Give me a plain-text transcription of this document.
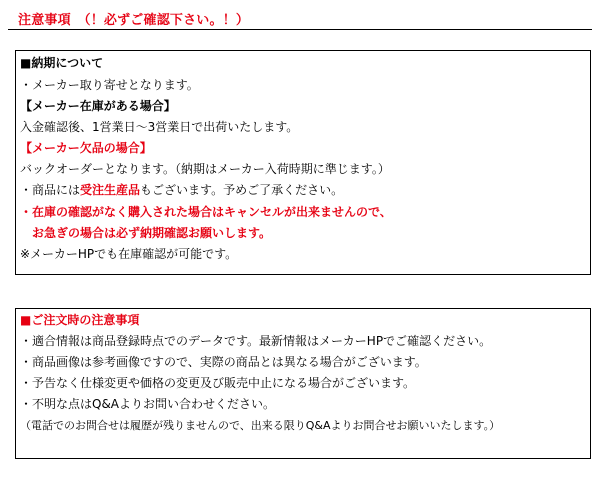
注意事項　（！必ずご確認下さい。！）
■納期について
・メーカー取り寄せとなります。
【メーカー在庫がある場合】
入金確認後、1営業日〜3営業日で出荷いたします。
【メーカー欠品の場合】
バックオーダーとなります。（納期はメーカー入荷時期に準じます。）
・商品には受注生産品もございます。予めご了承ください。
・在庫の確認がなく購入された場合はキャンセルが出来ませんので、
　お急ぎの場合は必ず納期確認お願いします。
※メーカーHPでも在庫確認が可能です。
■ご注文時の注意事項
・適合情報は商品登録時点でのデータです。最新情報はメーカーHPでご確認ください。
・商品画像は参考画像ですので、実際の商品とは異なる場合がございます。
・予告なく仕様変更や価格の変更及び販売中止になる場合がございます。
・不明な点はQ&Aよりお問い合わせください。
（電話でのお問合せは履歴が残りませんので、出来る限りQ&Aよりお問合せお願いいたします。）
